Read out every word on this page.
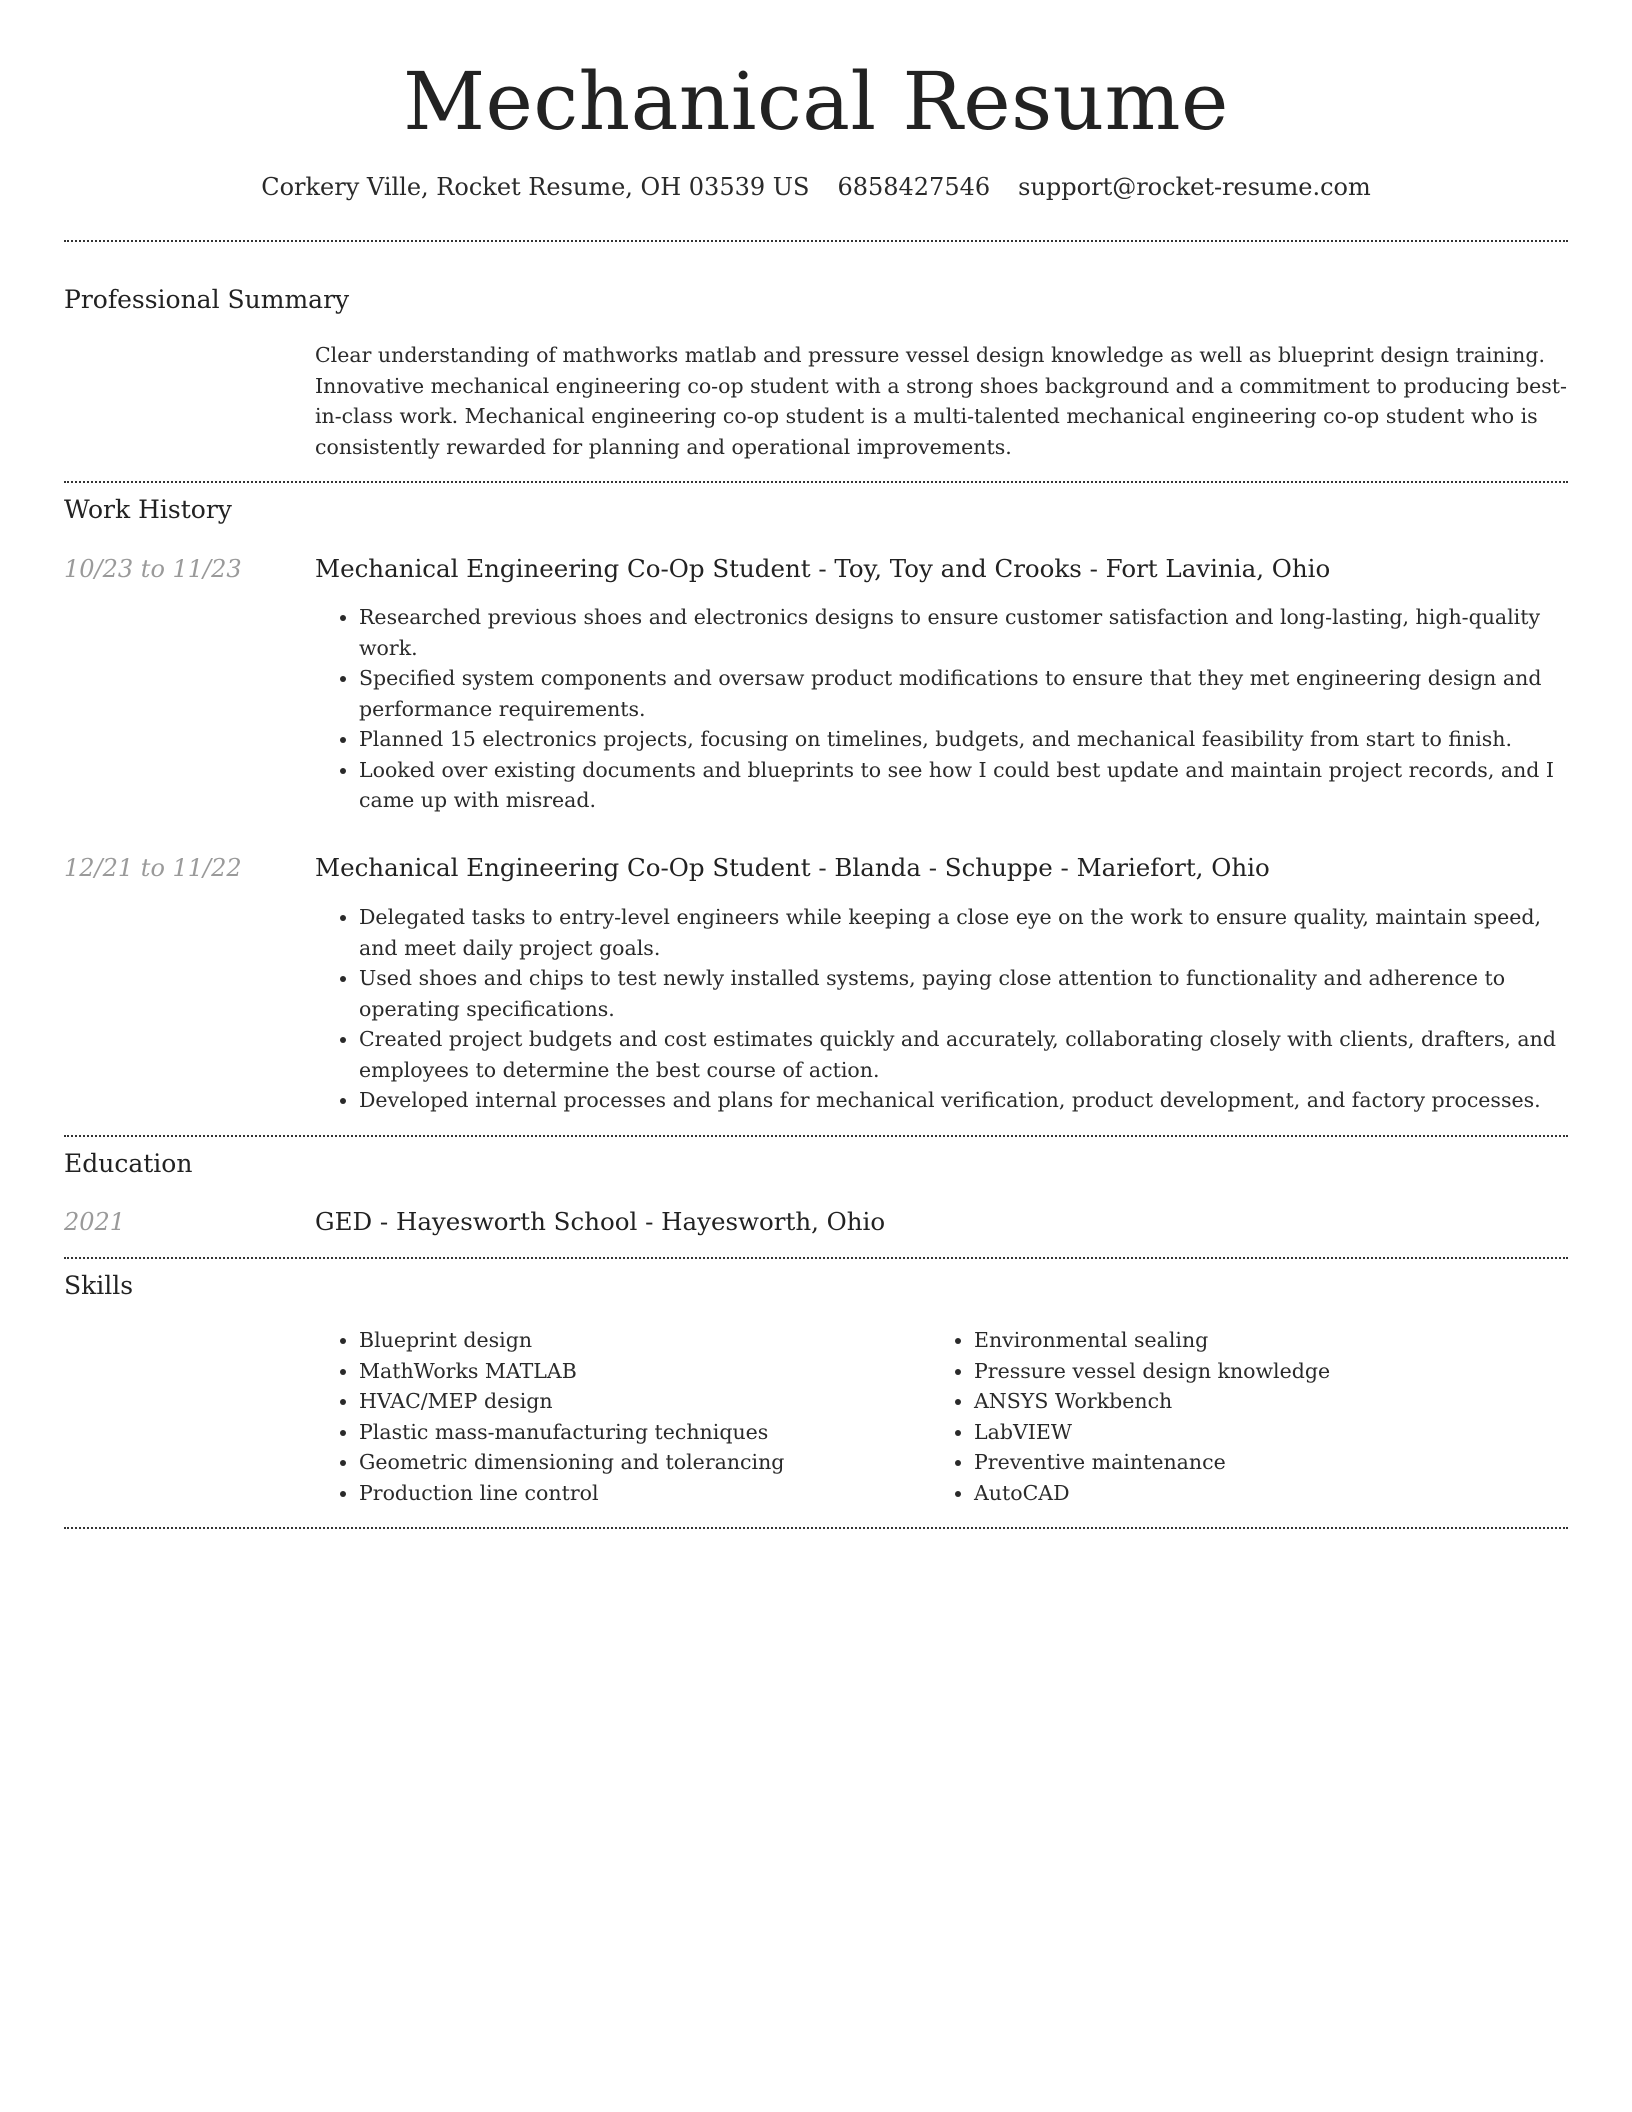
Mechanical Resume
Corkery Ville, Rocket Resume, OH 03539 US 6858427546 support@rocket-resume.com
Professional Summary
Clear understanding of mathworks matlab and pressure vessel design knowledge as well as blueprint design training. Innovative mechanical engineering co-op student with a strong shoes background and a commitment to producing best-in-class work. Mechanical engineering co-op student is a multi-talented mechanical engineering co-op student who is consistently rewarded for planning and operational improvements.
Work History
10/23 to 11/23	Mechanical Engineering Co-Op Student - Toy, Toy and Crooks - Fort Lavinia, Ohio
• Researched previous shoes and electronics designs to ensure customer satisfaction and long-lasting, high-quality work.
• Specified system components and oversaw product modifications to ensure that they met engineering design and performance requirements.
• Planned 15 electronics projects, focusing on timelines, budgets, and mechanical feasibility from start to finish.
• Looked over existing documents and blueprints to see how I could best update and maintain project records, and I came up with misread.
12/21 to 11/22	Mechanical Engineering Co-Op Student - Blanda - Schuppe - Mariefort, Ohio
• Delegated tasks to entry-level engineers while keeping a close eye on the work to ensure quality, maintain speed, and meet daily project goals.
• Used shoes and chips to test newly installed systems, paying close attention to functionality and adherence to operating specifications.
• Created project budgets and cost estimates quickly and accurately, collaborating closely with clients, drafters, and employees to determine the best course of action.
• Developed internal processes and plans for mechanical verification, product development, and factory processes.
Education
2021	GED - Hayesworth School - Hayesworth, Ohio
Skills
• Blueprint design
• MathWorks MATLAB
• HVAC/MEP design
• Plastic mass-manufacturing techniques
• Geometric dimensioning and tolerancing
• Production line control
• Environmental sealing
• Pressure vessel design knowledge
• ANSYS Workbench
• LabVIEW
• Preventive maintenance
• AutoCAD
